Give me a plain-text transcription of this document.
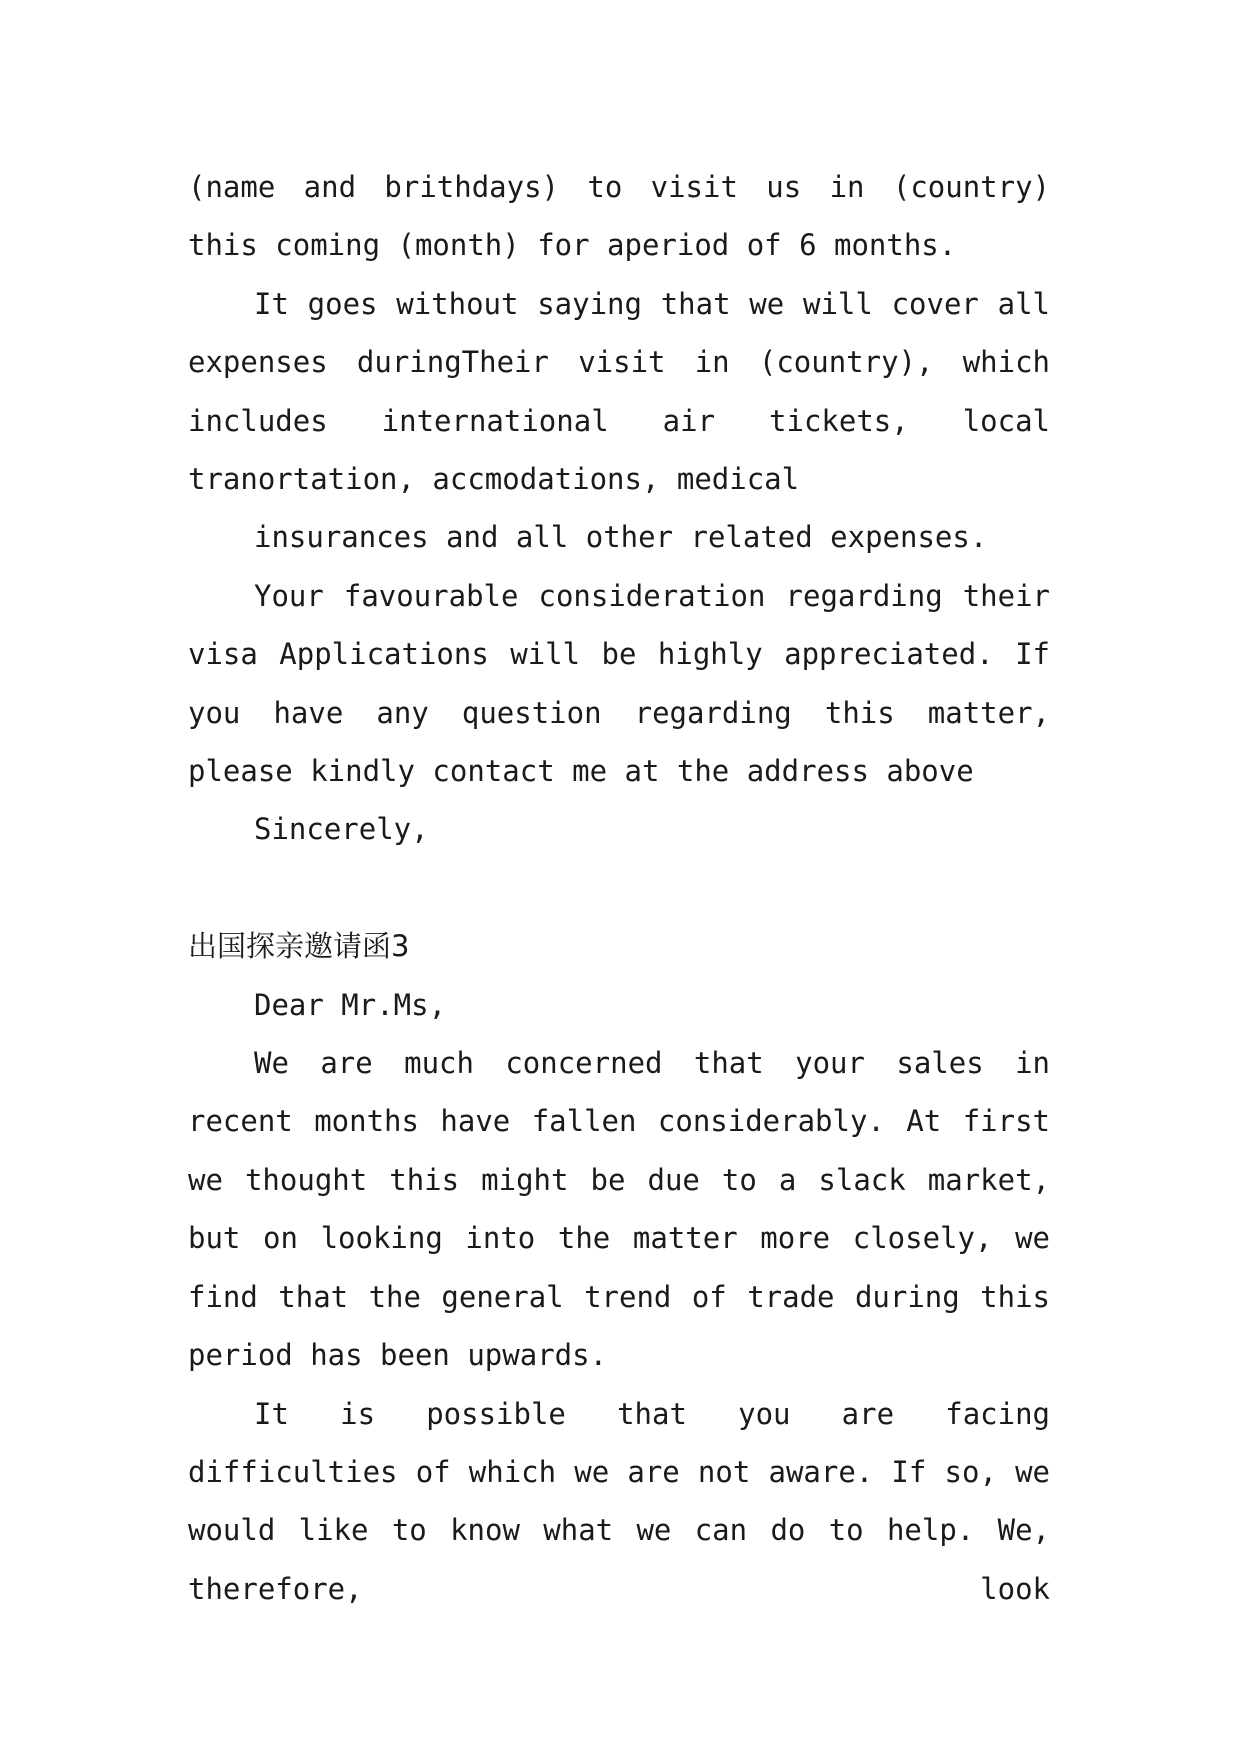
(name and brithdays) to visit us in (country) this coming (month) for aperiod of 6 months.

It goes without saying that we will cover all expenses duringTheir visit in (country), which includes international air tickets, local tranortation, accmodations, medical

insurances and all other related expenses.

Your favourable consideration regarding their visa Applications will be highly appreciated. If you have any question regarding this matter, please kindly contact me at the address above

Sincerely,

出国探亲邀请函3

Dear Mr.Ms,

We are much concerned that your sales in recent months have fallen considerably. At first we thought this might be due to a slack market, but on looking into the matter more closely, we find that the general trend of trade during this period has been upwards.

It is possible that you are facing difficulties of which we are not aware. If so, we would like to know what we can do to help. We, therefore, look
